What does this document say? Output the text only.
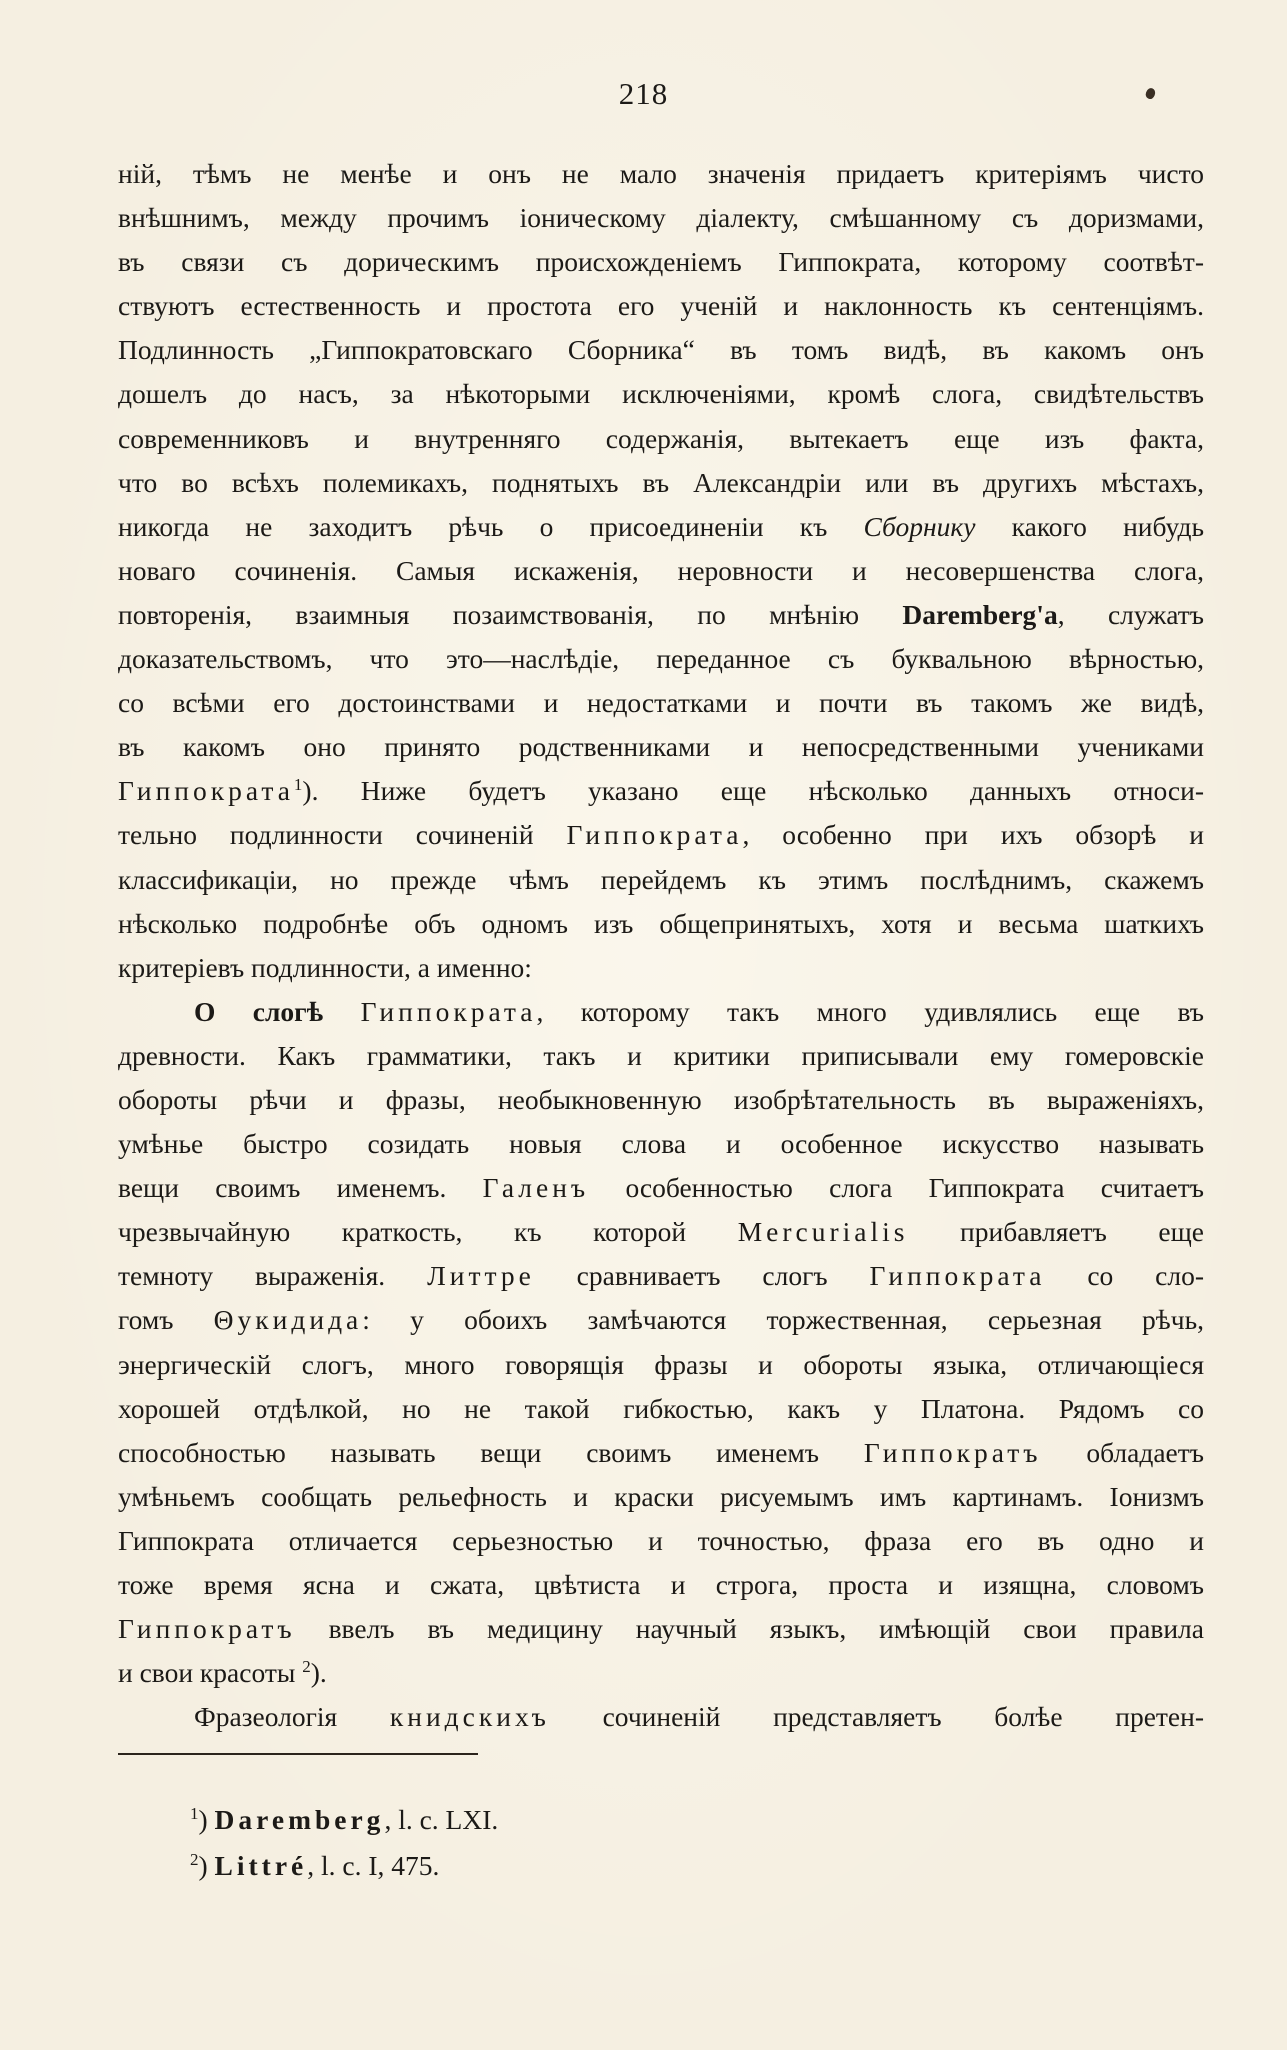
218
ній, тѣмъ не менѣе и онъ не мало значенія придаетъ критеріямъ чисто
внѣшнимъ, между прочимъ іоническому діалекту, смѣшанному съ доризмами,
въ связи съ дорическимъ происхожденіемъ Гиппократа, которому соотвѣт-
ствуютъ естественность и простота его ученій и наклонность къ сентенціямъ.
Подлинность „Гиппократовскаго Сборника“ въ томъ видѣ, въ какомъ онъ
дошелъ до насъ, за нѣкоторыми исключеніями, кромѣ слога, свидѣтельствъ
современниковъ и внутренняго содержанія, вытекаетъ еще изъ факта,
что во всѣхъ полемикахъ, поднятыхъ въ Александріи или въ другихъ мѣстахъ,
никогда не заходитъ рѣчь о присоединеніи къ Сборнику какого нибудь
новаго сочиненія. Самыя искаженія, неровности и несовершенства слога,
повторенія, взаимныя позаимствованія, по мнѣнію Daremberg'a, служатъ
доказательствомъ, что это—наслѣдіе, переданное съ буквальною вѣрностью,
со всѣми его достоинствами и недостатками и почти въ такомъ же видѣ,
въ какомъ оно принято родственниками и непосредственными учениками
Гиппократа$^1$). Ниже будетъ указано еще нѣсколько данныхъ относи-
тельно подлинности сочиненій Гиппократа, особенно при ихъ обзорѣ и
классификаціи, но прежде чѣмъ перейдемъ къ этимъ послѣднимъ, скажемъ
нѣсколько подробнѣе объ одномъ изъ общепринятыхъ, хотя и весьма шаткихъ
критеріевъ подлинности, а именно:
О слогѣ Гиппократа, которому такъ много удивлялись еще въ
древности. Какъ грамматики, такъ и критики приписывали ему гомеровскіе
обороты рѣчи и фразы, необыкновенную изобрѣтательность въ выраженіяхъ,
умѣнье быстро созидать новыя слова и особенное искусство называть
вещи своимъ именемъ. Галенъ особенностью слога Гиппократа считаетъ
чрезвычайную краткость, къ которой Mercurialis прибавляетъ еще
темноту выраженія. Литтре сравниваетъ слогъ Гиппократа со сло-
гомъ Θукидида: у обоихъ замѣчаются торжественная, серьезная рѣчь,
энергическій слогъ, много говорящія фразы и обороты языка, отличающіеся
хорошей отдѣлкой, но не такой гибкостью, какъ у Платона. Рядомъ со
способностью называть вещи своимъ именемъ Гиппократъ обладаетъ
умѣньемъ сообщать рельефность и краски рисуемымъ имъ картинамъ. Іонизмъ
Гиппократа отличается серьезностью и точностью, фраза его въ одно и
тоже время ясна и сжата, цвѣтиста и строга, проста и изящна, словомъ
Гиппократъ ввелъ въ медицину научный языкъ, имѣющій свои правила
и свои красоты $^2$).
Фразеологія книдскихъ сочиненій представляетъ болѣе претен-
$^1$) Daremberg, l. c. LXI.
$^2$) Littré, l. c. I, 475.
